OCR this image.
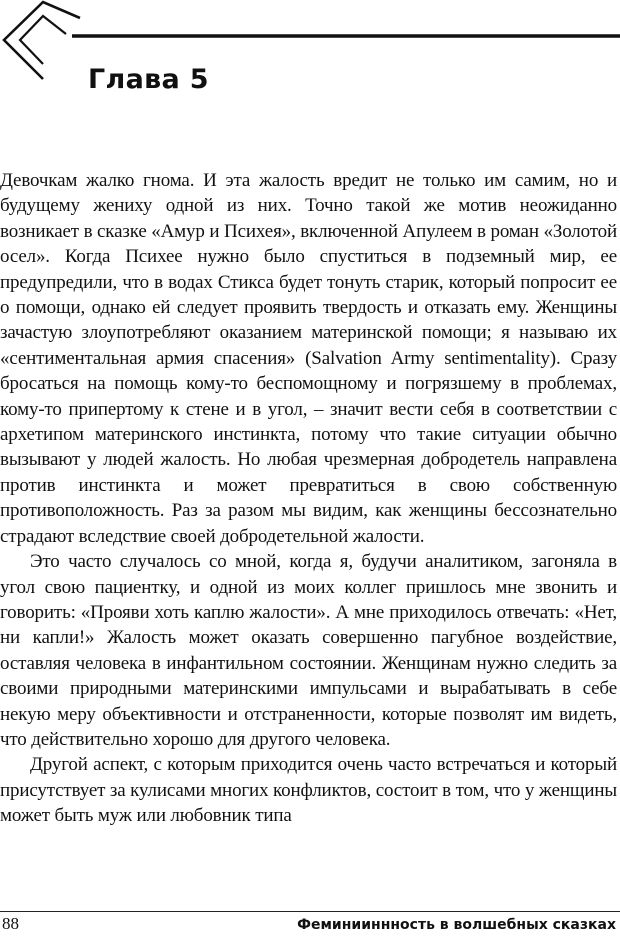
Глава 5

Девочкам жалко гнома. И эта жалость вредит не только им самим, но и будущему жениху одной из них. Точно такой же мотив неожиданно возникает в сказке «Амур и Психея», включенной Апулеем в роман «Золотой осел». Когда Психее нужно было спуститься в подземный мир, ее предупредили, что в водах Стикса будет тонуть старик, который попросит ее о помощи, однако ей следует проявить твердость и отказать ему. Женщины зачастую злоупотребляют оказанием материнской помощи; я называю их «сентиментальная армия спасения» (Salvation Army sentimentality). Сразу бросаться на помощь кому-то беспомощному и погрязшему в проблемах, кому-то припертому к стене и в угол, – значит вести себя в соответствии с архетипом материнского инстинкта, потому что такие ситуации обычно вызывают у людей жалость. Но любая чрезмерная добродетель направлена против инстинкта и может превратиться в свою собственную противоположность. Раз за разом мы видим, как женщины бессознательно страдают вследствие своей добродетельной жалости.

Это часто случалось со мной, когда я, будучи аналитиком, загоняла в угол свою пациентку, и одной из моих коллег пришлось мне звонить и говорить: «Прояви хоть каплю жалости». А мне приходилось отвечать: «Нет, ни капли!» Жалость может оказать совершенно пагубное воздействие, оставляя человека в инфантильном состоянии. Женщинам нужно следить за своими природными материнскими импульсами и вырабатывать в себе некую меру объективности и отстраненности, которые позволят им видеть, что действительно хорошо для другого человека.

Другой аспект, с которым приходится очень часто встречаться и который присутствует за кулисами многих конфликтов, состоит в том, что у женщины может быть муж или любовник типа

88	Феминииннность в волшебных сказках
